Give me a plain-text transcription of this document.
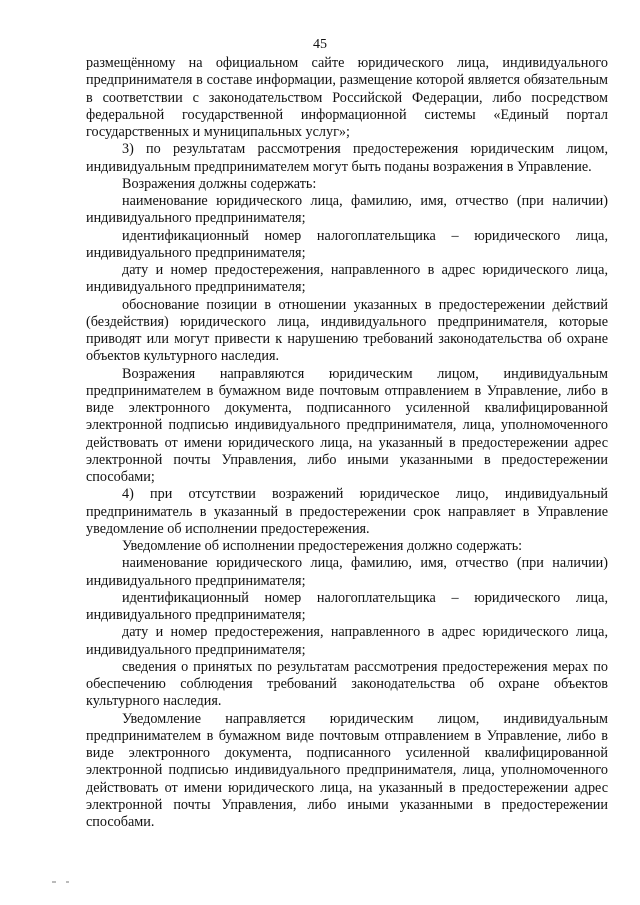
45

размещённому на официальном сайте юридического лица, индивидуального предпринимателя в составе информации, размещение которой является обязательным в соответствии с законодательством Российской Федерации, либо посредством федеральной государственной информационной системы «Единый портал государственных и муниципальных услуг»;

3) по результатам рассмотрения предостережения юридическим лицом, индивидуальным предпринимателем могут быть поданы возражения в Управление.

Возражения должны содержать:

наименование юридического лица, фамилию, имя, отчество (при наличии) индивидуального предпринимателя;

идентификационный номер налогоплательщика – юридического лица, индивидуального предпринимателя;

дату и номер предостережения, направленного в адрес юридического лица, индивидуального предпринимателя;

обоснование позиции в отношении указанных в предостережении действий (бездействия) юридического лица, индивидуального предпринимателя, которые приводят или могут привести к нарушению требований законодательства об охране объектов культурного наследия.

Возражения направляются юридическим лицом, индивидуальным предпринимателем в бумажном виде почтовым отправлением в Управление, либо в виде электронного документа, подписанного усиленной квалифицированной электронной подписью индивидуального предпринимателя, лица, уполномоченного действовать от имени юридического лица, на указанный в предостережении адрес электронной почты Управления, либо иными указанными в предостережении способами;

4) при отсутствии возражений юридическое лицо, индивидуальный предприниматель в указанный в предостережении срок направляет в Управление уведомление об исполнении предостережения.

Уведомление об исполнении предостережения должно содержать:

наименование юридического лица, фамилию, имя, отчество (при наличии) индивидуального предпринимателя;

идентификационный номер налогоплательщика – юридического лица, индивидуального предпринимателя;

дату и номер предостережения, направленного в адрес юридического лица, индивидуального предпринимателя;

сведения о принятых по результатам рассмотрения предостережения мерах по обеспечению соблюдения требований законодательства об охране объектов культурного наследия.

Уведомление направляется юридическим лицом, индивидуальным предпринимателем в бумажном виде почтовым отправлением в Управление, либо в виде электронного документа, подписанного усиленной квалифицированной электронной подписью индивидуального предпринимателя, лица, уполномоченного действовать от имени юридического лица, на указанный в предостережении адрес электронной почты Управления, либо иными указанными в предостережении способами.
